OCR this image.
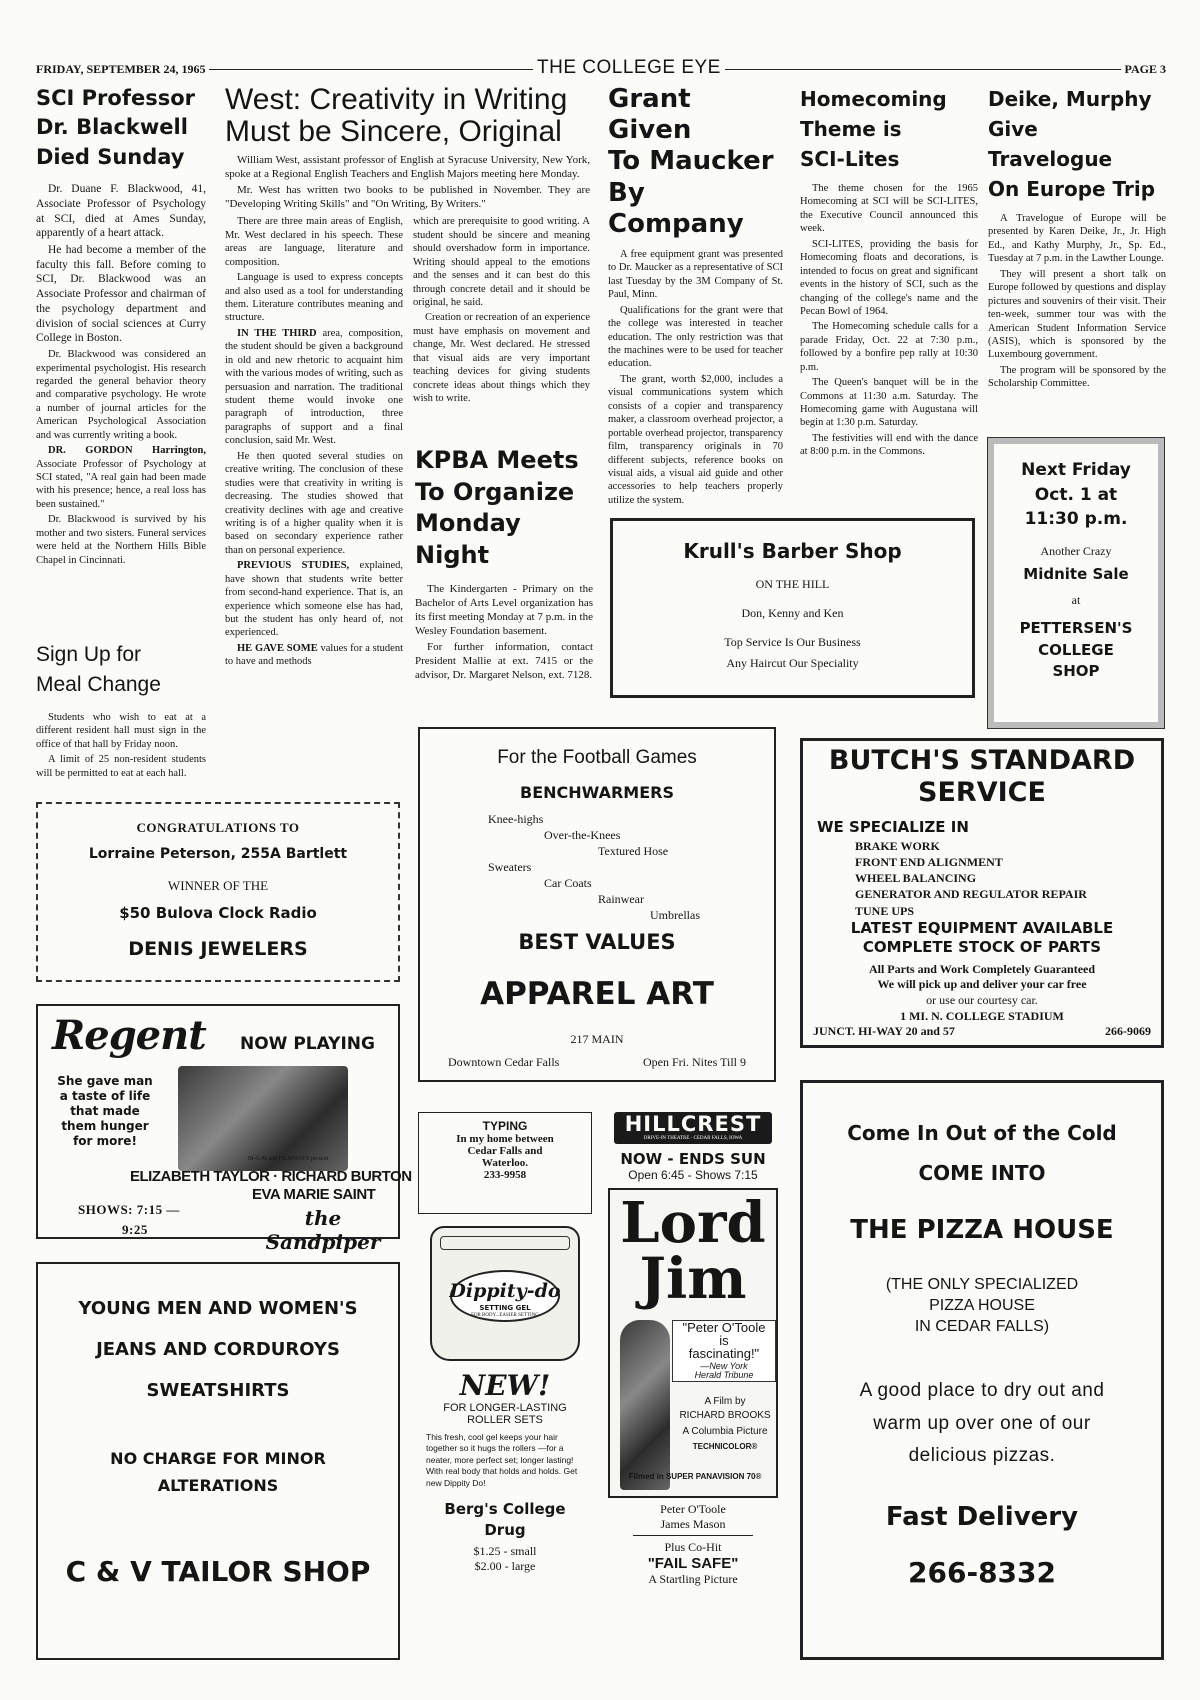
FRIDAY, SEPTEMBER 24, 1965	THE COLLEGE EYE	PAGE 3
SCI Professor
Dr. Blackwell
Died Sunday

Dr. Duane F. Blackwood, 41, Associate Professor of Psychology at SCI, died at Ames Sunday, apparently of a heart attack.

He had become a member of the faculty this fall. Before coming to SCI, Dr. Blackwood was an Associate Professor and chairman of the psychology department and division of social sciences at Curry College in Boston.

Dr. Blackwood was considered an experimental psychologist. His research regarded the general behavior theory and comparative psychology. He wrote a number of journal articles for the American Psychological Association and was currently writing a book.

DR. GORDON Harrington, Associate Professor of Psychology at SCI stated, "A real gain had been made with his presence; hence, a real loss has been sustained."

Dr. Blackwood is survived by his mother and two sisters. Funeral services were held at the Northern Hills Bible Chapel in Cincinnati.

Sign Up for
Meal Change

Students who wish to eat at a different resident hall must sign in the office of that hall by Friday noon.

A limit of 25 non-resident students will be permitted to eat at each hall.

West: Creativity in Writing
Must be Sincere, Original

William West, assistant professor of English at Syracuse University, New York, spoke at a Regional English Teachers and English Majors meeting here Monday.

Mr. West has written two books to be published in November. They are "Developing Writing Skills" and "On Writing, By Writers."

There are three main areas of English, Mr. West declared in his speech. These areas are language, literature and composition.

Language is used to express concepts and also used as a tool for understanding them. Literature contributes meaning and structure.

IN THE THIRD area, composition, the student should be given a background in old and new rhetoric to acquaint him with the various modes of writing, such as persuasion and narration. The traditional student theme would invoke one paragraph of introduction, three paragraphs of support and a final conclusion, said Mr. West.

He then quoted several studies on creative writing. The conclusion of these studies were that creativity in writing is decreasing. The studies showed that creativity declines with age and creative writing is of a higher quality when it is based on secondary experience rather than on personal experience.

PREVIOUS STUDIES, explained, have shown that students write better from second-hand experience. That is, an experience which someone else has had, but the student has only heard of, not experienced.

HE GAVE SOME values for a student to have and methods

which are prerequisite to good writing. A student should be sincere and meaning should overshadow form in importance. Writing should appeal to the emotions and the senses and it can best do this through concrete detail and it should be original, he said.

Creation or recreation of an experience must have emphasis on movement and change, Mr. West declared. He stressed that visual aids are very important teaching devices for giving students concrete ideas about things which they wish to write.

KPBA Meets
To Organize
Monday Night

The Kindergarten - Primary on the Bachelor of Arts Level organization has its first meeting Monday at 7 p.m. in the Wesley Foundation basement.

For further information, contact President Mallie at ext. 7415 or the advisor, Dr. Margaret Nelson, ext. 7128.

Grant Given
To Maucker
By Company

A free equipment grant was presented to Dr. Maucker as a representative of SCI last Tuesday by the 3M Company of St. Paul, Minn.

Qualifications for the grant were that the college was interested in teacher education. The only restriction was that the machines were to be used for teacher education.

The grant, worth $2,000, includes a visual communications system which consists of a copier and transparency maker, a classroom overhead projector, a portable overhead projector, transparency film, transparency originals in 70 different subjects, reference books on visual aids, a visual aid guide and other accessories to help teachers properly utilize the system.

Homecoming
Theme is
SCI-Lites

The theme chosen for the 1965 Homecoming at SCI will be SCI-LITES, the Executive Council announced this week.

SCI-LITES, providing the basis for Homecoming floats and decorations, is intended to focus on great and significant events in the history of SCI, such as the changing of the college's name and the Pecan Bowl of 1964.

The Homecoming schedule calls for a parade Friday, Oct. 22 at 7:30 p.m., followed by a bonfire pep rally at 10:30 p.m.

The Queen's banquet will be in the Commons at 11:30 a.m. Saturday. The Homecoming game with Augustana will begin at 1:30 p.m. Saturday.

The festivities will end with the dance at 8:00 p.m. in the Commons.

Deike, Murphy
Give Travelogue
On Europe Trip

A Travelogue of Europe will be presented by Karen Deike, Jr., Jr. High Ed., and Kathy Murphy, Jr., Sp. Ed., Tuesday at 7 p.m. in the Lawther Lounge.

They will present a short talk on Europe followed by questions and display pictures and souvenirs of their visit. Their ten-week, summer tour was with the American Student Information Service (ASIS), which is sponsored by the Luxembourg government.

The program will be sponsored by the Scholarship Committee.

Krull's Barber Shop
ON THE HILL
Don, Kenny and Ken
Top Service Is Our Business
Any Haircut Our Speciality
Next Friday
Oct. 1 at
11:30 p.m.
Another Crazy
Midnite Sale
at
PETTERSEN'S
COLLEGE
SHOP
CONGRATULATIONS TO
Lorraine Peterson, 255A Bartlett
WINNER OF THE
$50 Bulova Clock Radio
DENIS JEWELERS
Regent NOW PLAYING
She gave man
a taste of life
that made
them hunger
for more!
M-G-M and FILMWAYS present
ELIZABETH TAYLOR · RICHARD BURTON
EVA MARIE SAINT
SHOWS: 7:15 —
9:25	the Sandpiper
YOUNG MEN AND WOMEN'S
JEANS AND CORDUROYS
SWEATSHIRTS
NO CHARGE FOR MINOR
ALTERATIONS
C & V TAILOR SHOP
For the Football Games
BENCHWARMERS
Knee-highs
Over-the-Knees
Textured Hose
Sweaters
Car Coats
Rainwear
Umbrellas
BEST VALUES
APPAREL ART
217 MAIN
Downtown Cedar Falls	Open Fri. Nites Till 9
BUTCH'S STANDARD
SERVICE
WE SPECIALIZE IN
BRAKE WORK
FRONT END ALIGNMENT
WHEEL BALANCING
GENERATOR AND REGULATOR REPAIR
TUNE UPS
LATEST EQUIPMENT AVAILABLE
COMPLETE STOCK OF PARTS
All Parts and Work Completely Guaranteed
We will pick up and deliver your car free
or use our courtesy car.
1 MI. N. COLLEGE STADIUM
JUNCT. HI-WAY 20 and 57	266-9069
TYPING
In my home between
Cedar Falls and
Waterloo.
233-9958
Dippity-do
SETTING GEL
FOR BODY...EASIER SETTING
NEW!
FOR LONGER-LASTING
ROLLER SETS
This fresh, cool gel keeps your hair together so it hugs the rollers —for a neater, more perfect set; longer lasting! With real body that holds and holds. Get new Dippity Do!
Berg's College
Drug
$1.25 - small
$2.00 - large
HILLCREST
DRIVE-IN THEATRE · CEDAR FALLS, IOWA
NOW - ENDS SUN
Open 6:45 - Shows 7:15
Lord
Jim
"Peter O'Toole
is
fascinating!"
—New York
Herald Tribune
A Film by
RICHARD BROOKS
A Columbia Picture
TECHNICOLOR®
Filmed in SUPER PANAVISION 70®
Peter O'Toole
James Mason
Plus Co-Hit
"FAIL SAFE"
A Startling Picture
Come In Out of the Cold
COME INTO
THE PIZZA HOUSE
(THE ONLY SPECIALIZED
PIZZA HOUSE
IN CEDAR FALLS)
A good place to dry out and
warm up over one of our
delicious pizzas.
Fast Delivery
266-8332
